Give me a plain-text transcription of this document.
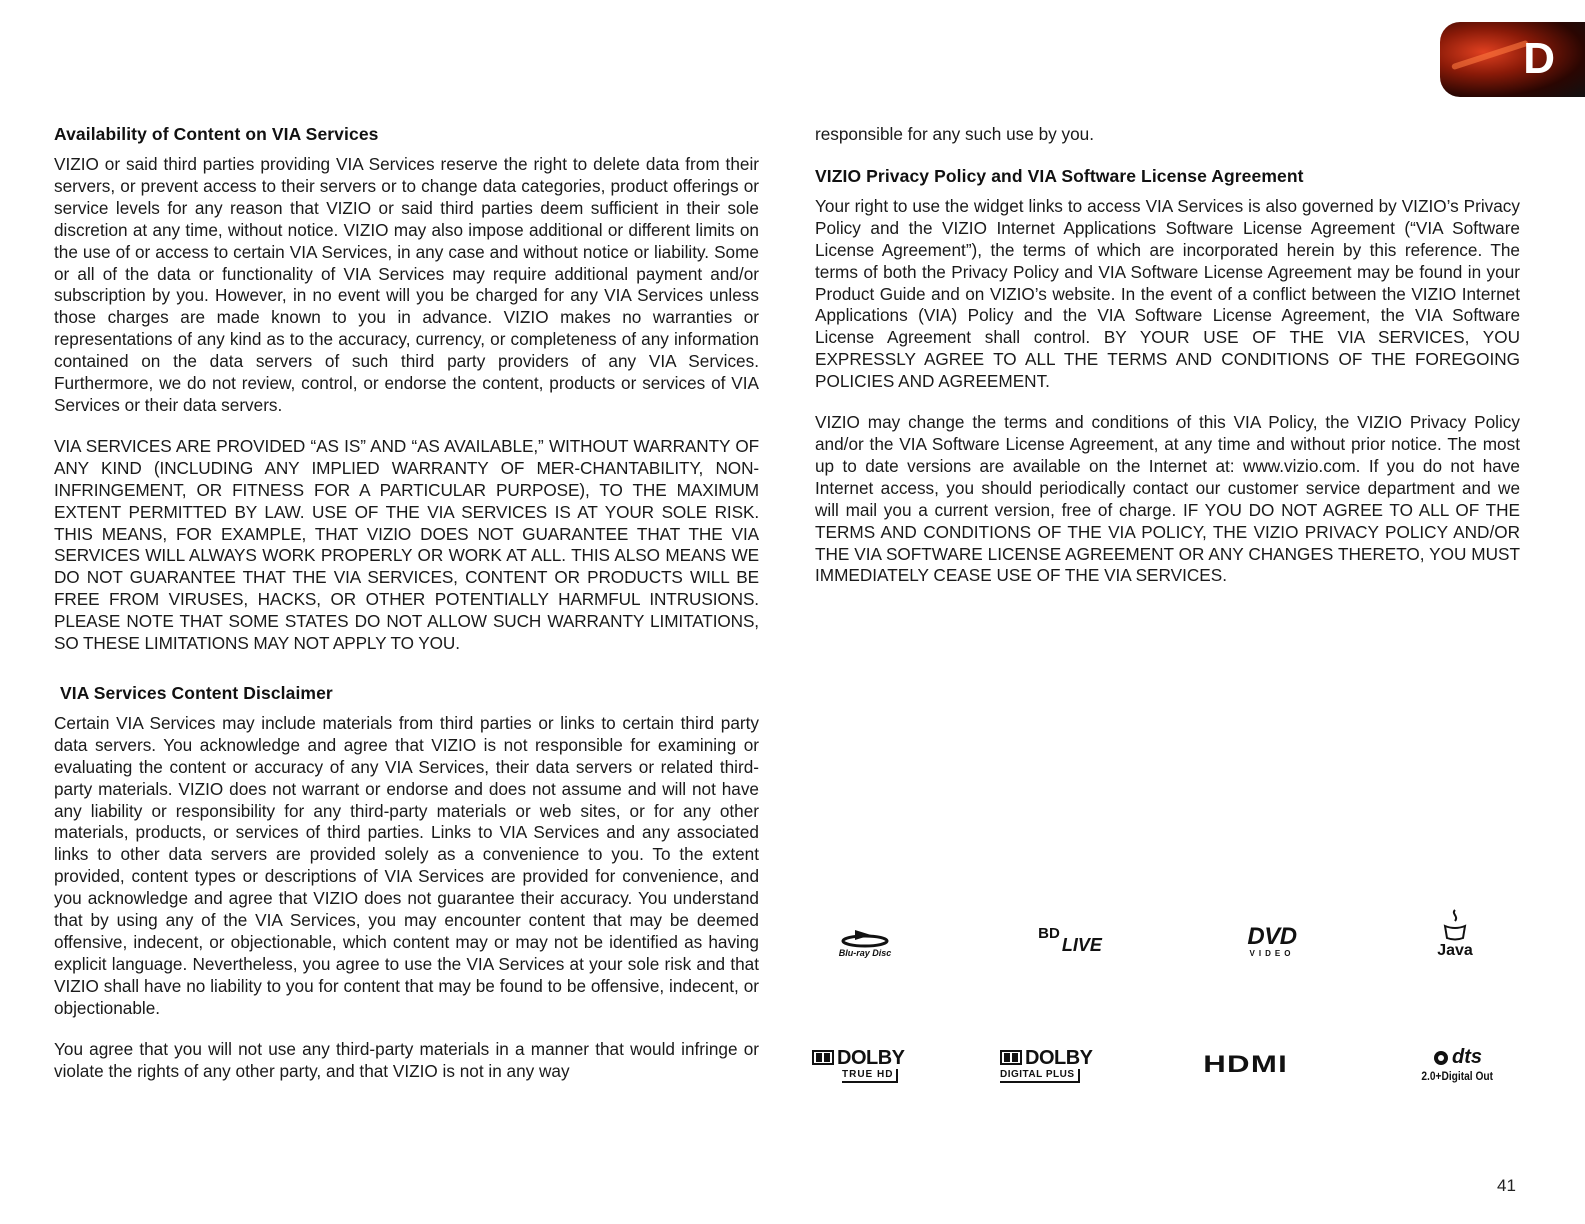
D
Availability of Content on VIA Services

VIZIO or said third parties providing VIA Services reserve the right to delete data from their servers, or prevent access to their servers or to change data categories, product offerings or service levels for any reason that VIZIO or said third parties deem sufficient in their sole discretion at any time, without notice. VIZIO may also impose additional or different limits on the use of or access to certain VIA Services, in any case and without notice or liability. Some or all of the data or functionality of VIA Services may require additional payment and/or subscription by you. However, in no event will you be charged for any VIA Services unless those charges are made known to you in advance. VIZIO makes no warranties or representations of any kind as to the accuracy, currency, or completeness of any information contained on the data servers of such third party providers of any VIA Services. Furthermore, we do not review, control, or endorse the content, products or services of VIA Services or their data servers.

VIA SERVICES ARE PROVIDED “AS IS” AND “AS AVAILABLE,” WITHOUT WARRANTY OF ANY KIND (INCLUDING ANY IMPLIED WARRANTY OF MER-CHANTABILITY, NON-INFRINGEMENT, OR FITNESS FOR A PARTICULAR PURPOSE), TO THE MAXIMUM EXTENT PERMITTED BY LAW. USE OF THE VIA SERVICES IS AT YOUR SOLE RISK. THIS MEANS, FOR EXAMPLE, THAT VIZIO DOES NOT GUARANTEE THAT THE VIA SERVICES WILL ALWAYS WORK PROPERLY OR WORK AT ALL. THIS ALSO MEANS WE DO NOT GUARANTEE THAT THE VIA SERVICES, CONTENT OR PRODUCTS WILL BE FREE FROM VIRUSES, HACKS, OR OTHER POTENTIALLY HARMFUL INTRUSIONS. PLEASE NOTE THAT SOME STATES DO NOT ALLOW SUCH WARRANTY LIMITATIONS, SO THESE LIMITATIONS MAY NOT APPLY TO YOU.

VIA Services Content Disclaimer

Certain VIA Services may include materials from third parties or links to certain third party data servers. You acknowledge and agree that VIZIO is not responsible for examining or evaluating the content or accuracy of any VIA Services, their data servers or related third-party materials. VIZIO does not warrant or endorse and does not assume and will not have any liability or responsibility for any third-party materials or web sites, or for any other materials, products, or services of third parties. Links to VIA Services and any associated links to other data servers are provided solely as a convenience to you. To the extent provided, content types or descriptions of VIA Services are provided for convenience, and you acknowledge and agree that VIZIO does not guarantee their accuracy. You understand that by using any of the VIA Services, you may encounter content that may be deemed offensive, indecent, or objectionable, which content may or may not be identified as having explicit language. Nevertheless, you agree to use the VIA Services at your sole risk and that VIZIO shall have no liability to you for content that may be found to be offensive, indecent, or objectionable.

You agree that you will not use any third-party materials in a manner that would infringe or violate the rights of any other party, and that VIZIO is not in any way

responsible for any such use by you.

VIZIO Privacy Policy and VIA Software License Agreement

Your right to use the widget links to access VIA Services is also governed by VIZIO’s Privacy Policy and the VIZIO Internet Applications Software License Agreement (“VIA Software License Agreement”), the terms of which are incorporated herein by this reference. The terms of both the Privacy Policy and VIA Software License Agreement may be found in your Product Guide and on VIZIO’s website. In the event of a conflict between the VIZIO Internet Applications (VIA) Policy and the VIA Software License Agreement, the VIA Software License Agreement shall control. BY YOUR USE OF THE VIA SERVICES, YOU EXPRESSLY AGREE TO ALL THE TERMS AND CONDITIONS OF THE FOREGOING POLICIES AND AGREEMENT.

VIZIO may change the terms and conditions of this VIA Policy, the VIZIO Privacy Policy and/or the VIA Software License Agreement, at any time and without prior notice. The most up to date versions are available on the Internet at: www.vizio.com. If you do not have Internet access, you should periodically contact our customer service department and we will mail you a current version, free of charge. IF YOU DO NOT AGREE TO ALL OF THE TERMS AND CONDITIONS OF THE VIA POLICY, THE VIZIO PRIVACY POLICY AND/OR THE VIA SOFTWARE LICENSE AGREEMENT OR ANY CHANGES THERETO, YOU MUST IMMEDIATELY CEASE USE OF THE VIA SERVICES.

Blu-ray Disc
BD
LIVE	DVD
VIDEO	Java
DOLBY
TRUE HD
DOLBY
DIGITAL PLUS	HDMI	dts
2.0+Digital Out
41
